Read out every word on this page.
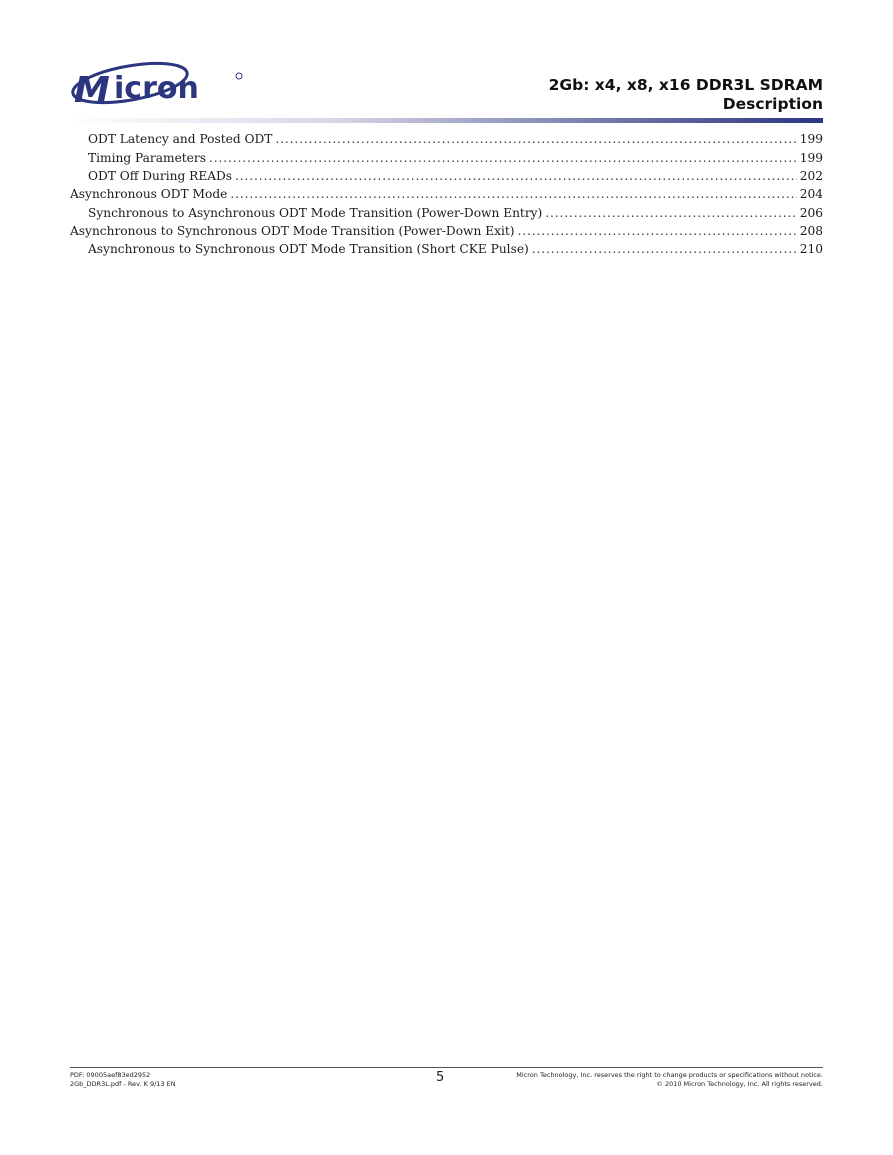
M icron	2Gb: x4, x8, x16 DDR3L SDRAM
Description
ODT Latency and Posted ODT . . .	199
Timing Parameters . . .	199
ODT Off During READs . . .	202
Asynchronous ODT Mode . . .	204
Synchronous to Asynchronous ODT Mode Transition (Power-Down Entry) . . .	206
Asynchronous to Synchronous ODT Mode Transition (Power-Down Exit) . . .	208
Asynchronous to Synchronous ODT Mode Transition (Short CKE Pulse) . . .	210
PDF: 09005aef83ed2952
2Gb_DDR3L.pdf - Rev. K 9/13 EN	5	Micron Technology, Inc. reserves the right to change products or specifications without notice.
© 2010 Micron Technology, Inc. All rights reserved.
